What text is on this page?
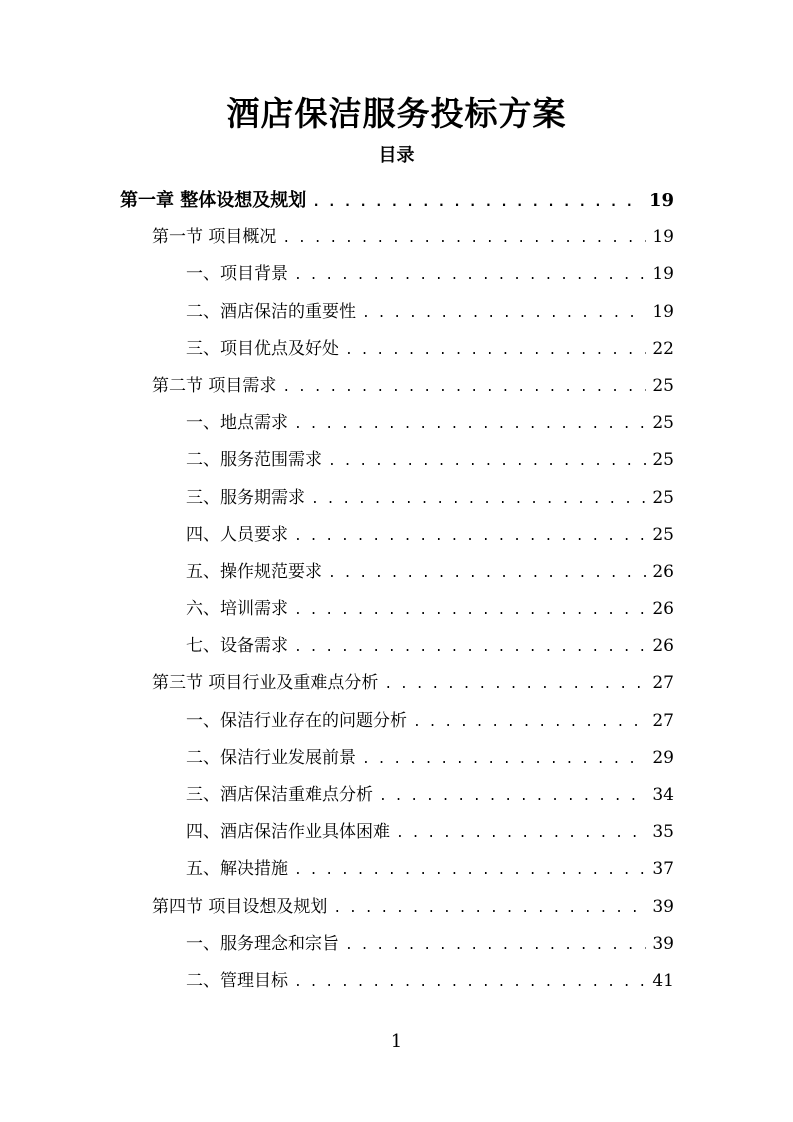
酒店保洁服务投标方案
目录
第一章 整体设想及规划 . . .	19
第一节 项目概况 . . .	19
一、项目背景 . . .	19
二、酒店保洁的重要性 . . .	19
三、项目优点及好处 . . .	22
第二节 项目需求 . . .	25
一、地点需求 . . .	25
二、服务范围需求 . . .	25
三、服务期需求 . . .	25
四、人员要求 . . .	25
五、操作规范要求 . . .	26
六、培训需求 . . .	26
七、设备需求 . . .	26
第三节 项目行业及重难点分析 . . .	27
一、保洁行业存在的问题分析 . . .	27
二、保洁行业发展前景 . . .	29
三、酒店保洁重难点分析 . . .	34
四、酒店保洁作业具体困难 . . .	35
五、解决措施 . . .	37
第四节 项目设想及规划 . . .	39
一、服务理念和宗旨 . . .	39
二、管理目标 . . .	41
1
